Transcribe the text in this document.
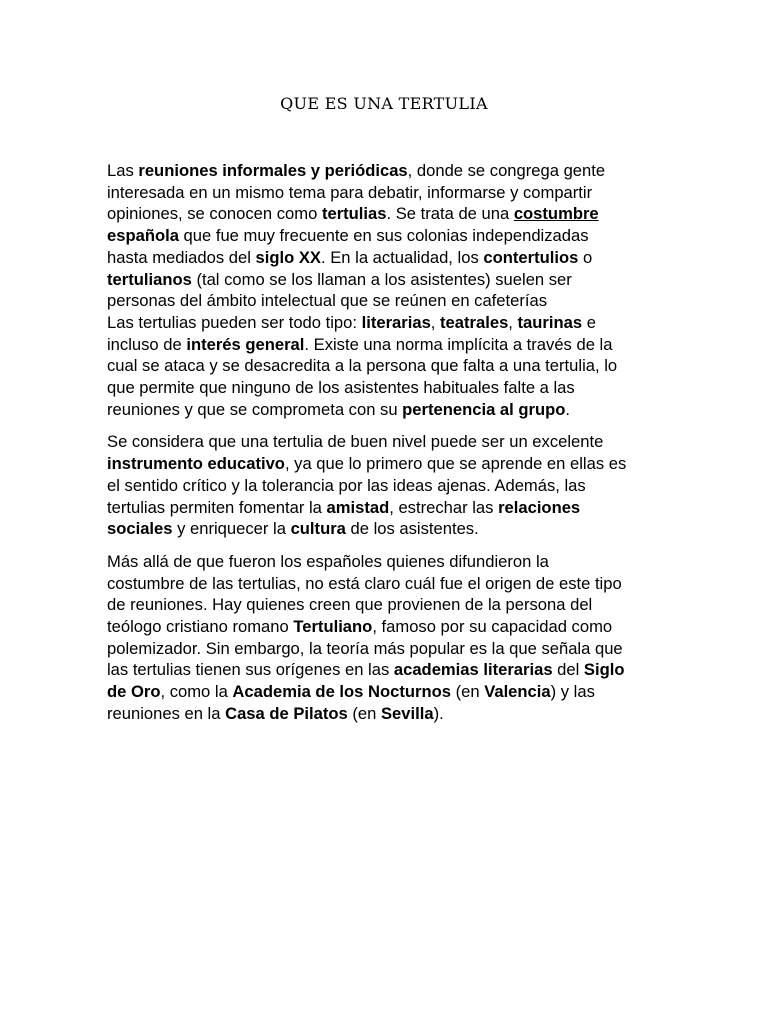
QUE ES UNA TERTULIA
Las reuniones informales y periódicas, donde se congrega gente
interesada en un mismo tema para debatir, informarse y compartir
opiniones, se conocen como tertulias. Se trata de una costumbre
española que fue muy frecuente en sus colonias independizadas
hasta mediados del siglo XX. En la actualidad, los contertulios o
tertulianos (tal como se los llaman a los asistentes) suelen ser
personas del ámbito intelectual que se reúnen en cafeterías
Las tertulias pueden ser todo tipo: literarias, teatrales, taurinas e
incluso de interés general. Existe una norma implícita a través de la
cual se ataca y se desacredita a la persona que falta a una tertulia, lo
que permite que ninguno de los asistentes habituales falte a las
reuniones y que se comprometa con su pertenencia al grupo.
Se considera que una tertulia de buen nivel puede ser un excelente
instrumento educativo, ya que lo primero que se aprende en ellas es
el sentido crítico y la tolerancia por las ideas ajenas. Además, las
tertulias permiten fomentar la amistad, estrechar las relaciones
sociales y enriquecer la cultura de los asistentes.
Más allá de que fueron los españoles quienes difundieron la
costumbre de las tertulias, no está claro cuál fue el origen de este tipo
de reuniones. Hay quienes creen que provienen de la persona del
teólogo cristiano romano Tertuliano, famoso por su capacidad como
polemizador. Sin embargo, la teoría más popular es la que señala que
las tertulias tienen sus orígenes en las academias literarias del Siglo
de Oro, como la Academia de los Nocturnos (en Valencia) y las
reuniones en la Casa de Pilatos (en Sevilla).
